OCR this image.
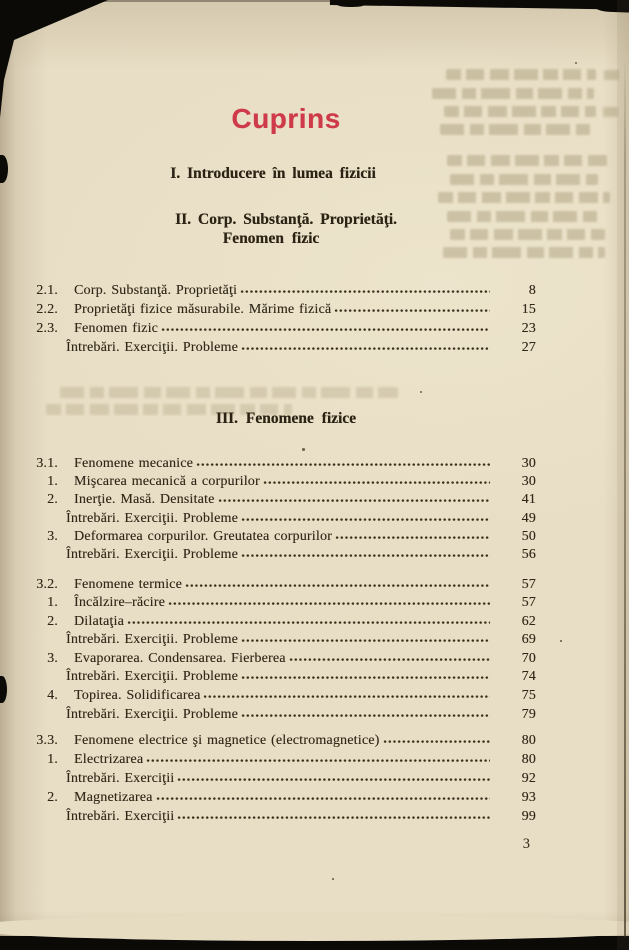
Cuprins
I. Introducere în lumea fizicii
II. Corp. Substanţă. Proprietăţi.
Fenomen fizic
2.1. Corp. Substanţă. Proprietăţi	8
2.2. Proprietăţi fizice măsurabile. Mărime fizică	15
2.3. Fenomen fizic	23
Întrebări. Exerciţii. Probleme	27
III. Fenomene fizice
3.1. Fenomene mecanice	30
1. Mişcarea mecanică a corpurilor	30
2. Inerţie. Masă. Densitate	41
Întrebări. Exerciţii. Probleme	49
3. Deformarea corpurilor. Greutatea corpurilor	50
Întrebări. Exerciţii. Probleme	56
3.2. Fenomene termice	57
1. Încălzire–răcire	57
2. Dilataţia	62
Întrebări. Exerciţii. Probleme	69
3. Evaporarea. Condensarea. Fierberea	70
Întrebări. Exerciţii. Probleme	74
4. Topirea. Solidificarea	75
Întrebări. Exerciţii. Probleme	79
3.3. Fenomene electrice şi magnetice (electromagnetice)	80
1. Electrizarea	80
Întrebări. Exerciţii	92
2. Magnetizarea	93
Întrebări. Exerciţii	99
3
